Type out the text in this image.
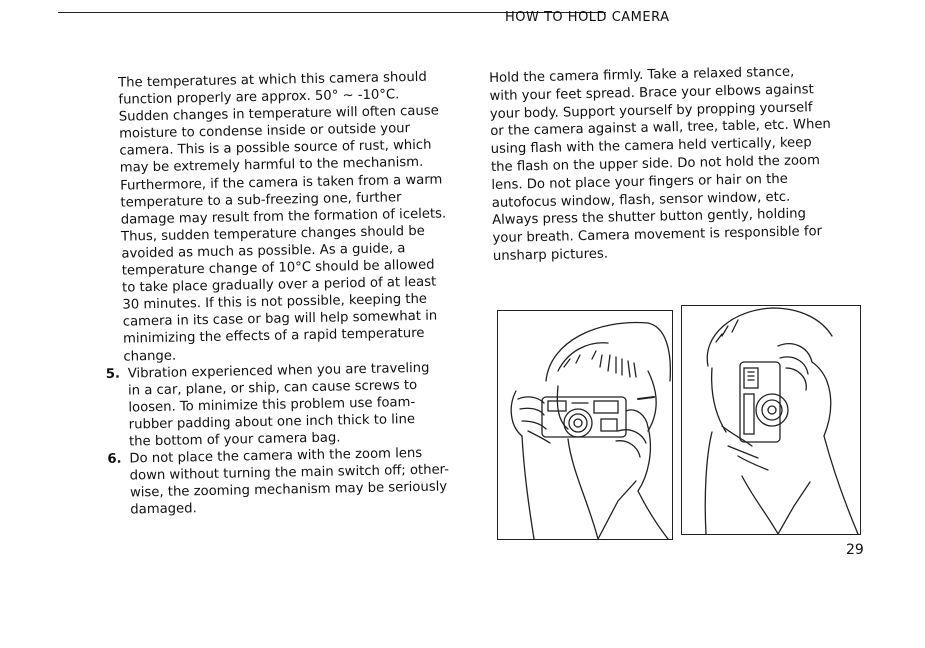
HOW TO HOLD CAMERA

The temperatures at which this camera should
function properly are approx. 50° ~ -10°C.
Sudden changes in temperature will often cause
moisture to condense inside or outside your
camera. This is a possible source of rust, which
may be extremely harmful to the mechanism.
Furthermore, if the camera is taken from a warm
temperature to a sub-freezing one, further
damage may result from the formation of icelets.
Thus, sudden temperature changes should be
avoided as much as possible. As a guide, a
temperature change of 10°C should be allowed
to take place gradually over a period of at least
30 minutes. If this is not possible, keeping the
camera in its case or bag will help somewhat in
minimizing the effects of a rapid temperature
change.

5. Vibration experienced when you are traveling
in a car, plane, or ship, can cause screws to
loosen. To minimize this problem use foam-
rubber padding about one inch thick to line
the bottom of your camera bag.
6. Do not place the camera with the zoom lens
down without turning the main switch off; other-
wise, the zooming mechanism may be seriously
damaged.

Hold the camera firmly. Take a relaxed stance,
with your feet spread. Brace your elbows against
your body. Support yourself by propping yourself
or the camera against a wall, tree, table, etc. When
using flash with the camera held vertically, keep
the flash on the upper side. Do not hold the zoom
lens. Do not place your fingers or hair on the
autofocus window, flash, sensor window, etc.
Always press the shutter button gently, holding
your breath. Camera movement is responsible for
unsharp pictures.

29
